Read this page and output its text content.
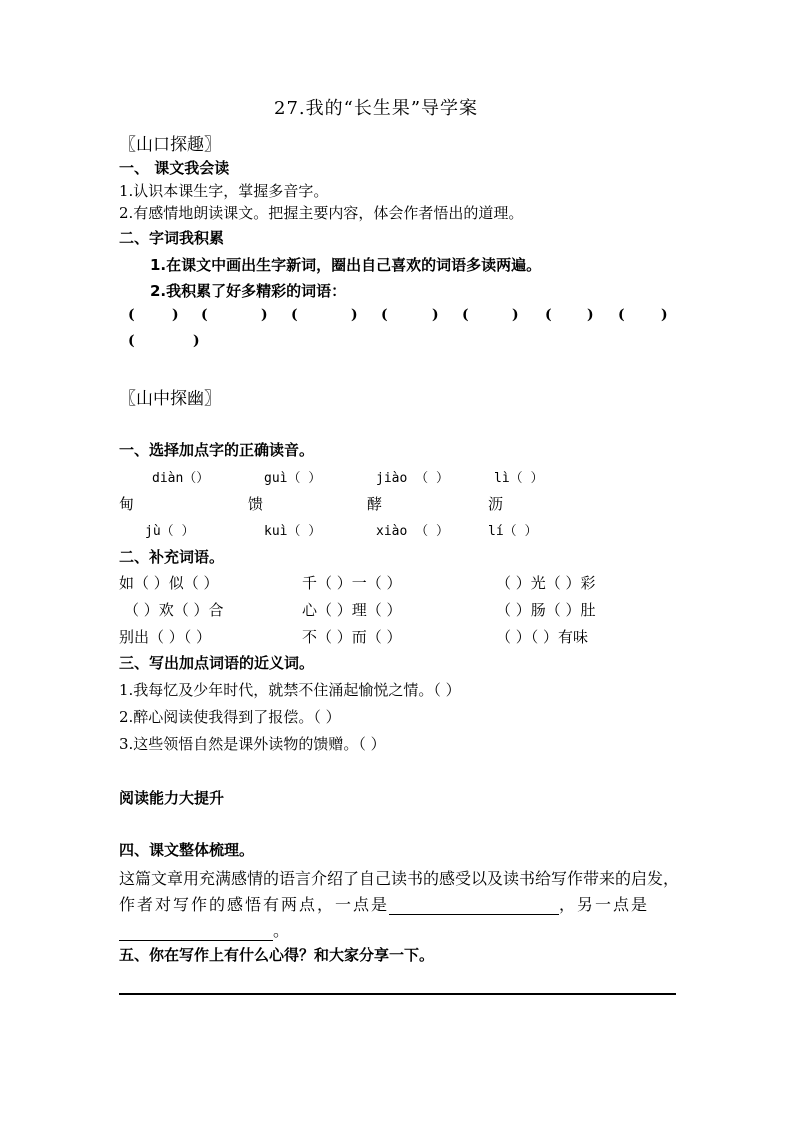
27.我的“长生果”导学案
〖山口探趣〗
一、 课文我会读
1.认识本课生字，掌握多音字。
2.有感情地朗读课文。把握主要内容，体会作者悟出的道理。
二、字词我积累
1.在课文中画出生字新词，圈出自己喜欢的词语多读两遍。
2.我积累了好多精彩的词语：
(	) (	) (	) (	) (	) (	) (	)
(	)
〖山中探幽〗
一、选择加点字的正确读音。
diàn（）	guì（ ）	jiào （ ）	lì（ ）
甸	馈	酵	沥
jù（ ）	kuì（ ）	xiào （ ）	lí（ ）
二、补充词语。
如（ ）似（ ）	千（ ）一（ ）	（ ）光（ ）彩
（ ）欢（ ）合	心（ ）理（ ）	（ ）肠（ ）肚
别出（ ）（ ）	不（ ）而（ ）	（ ）（ ）有味
三、写出加点词语的近义词。
1.我每忆及少年时代，就禁不住涌起愉悦之情。（ ）
2.醉心阅读使我得到了报偿。（ ）
3.这些领悟自然是课外读物的馈赠。（ ）
阅读能力大提升
四、课文整体梳理。
这篇文章用充满感情的语言介绍了自己读书的感受以及读书给写作带来的启发，
作者对写作的感悟有两点，一点是	，另一点是
。
五、你在写作上有什么心得？和大家分享一下。
